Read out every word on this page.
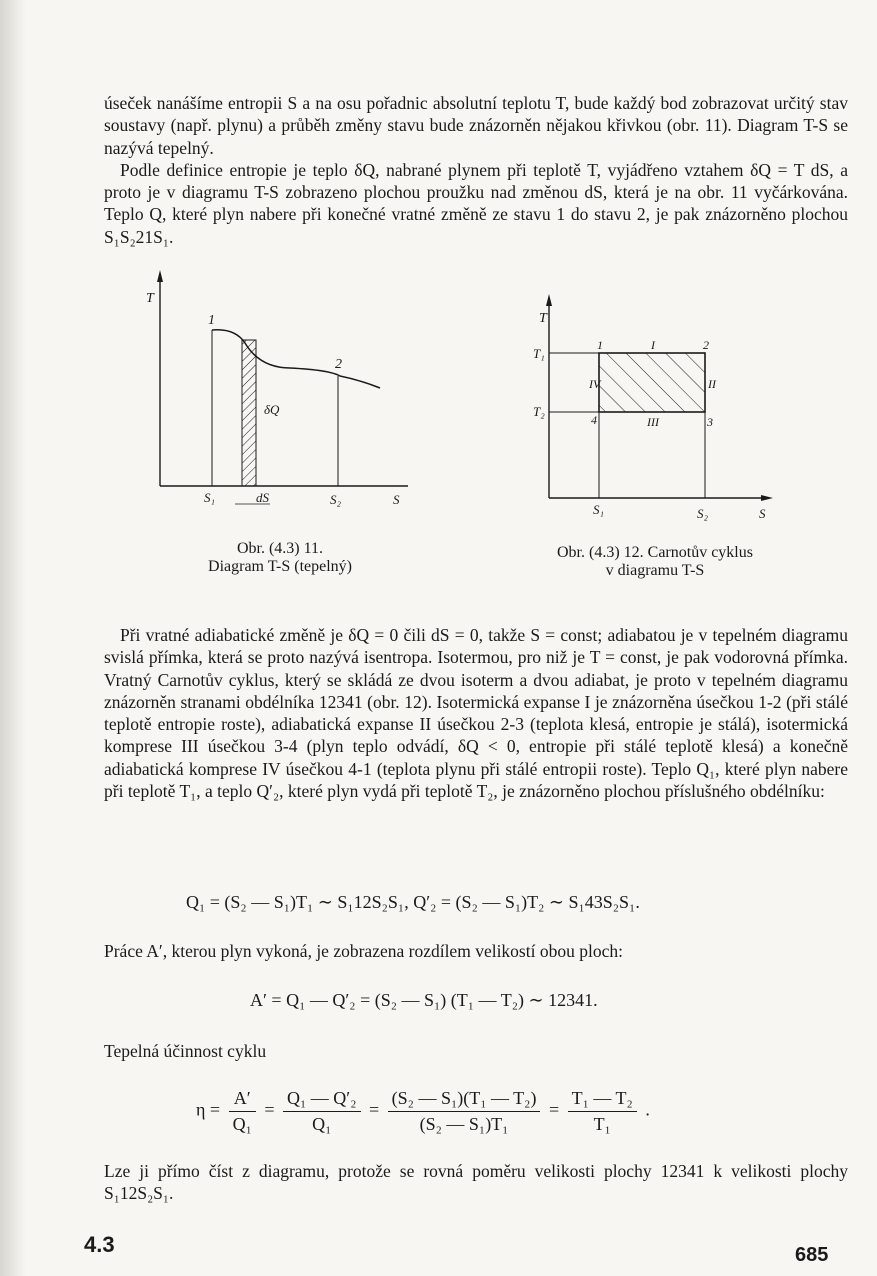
úseček nanášíme entropii S a na osu pořadnic absolutní teplotu T, bude každý bod zobrazovat určitý stav soustavy (např. plynu) a průběh změny stavu bude znázorněn nějakou křivkou (obr. 11). Diagram T-S se nazývá tepelný.

Podle definice entropie je teplo δQ, nabrané plynem při teplotě T, vyjádřeno vztahem δQ = T dS, a proto je v diagramu T-S zobrazeno plochou proužku nad změnou dS, která je na obr. 11 vyčárkována. Teplo Q, které plyn nabere při konečné vratné změně ze stavu 1 do stavu 2, je pak znázorněno plochou S₁S₂21S₁.

T
1
2
δQ
S₁	dS	S₂	S
Obr. (4.3) 11.
Diagram T-S (tepelný)
T
T₁
T₂
1	I	2
IV	II
4	III	3
S₁	S₂	S
Obr. (4.3) 12. Carnotův cyklus
v diagramu T-S
Při vratné adiabatické změně je δQ = 0 čili dS = 0, takže S = const; adiabatou je v tepelném diagramu svislá přímka, která se proto nazývá isentropa. Isotermou, pro niž je T = const, je pak vodorovná přímka. Vratný Carnotův cyklus, který se skládá ze dvou isoterm a dvou adiabat, je proto v tepelném diagramu znázorněn stranami obdélníka 12341 (obr. 12). Isotermická expanse I je znázorněna úsečkou 1-2 (při stálé teplotě entropie roste), adiabatická expanse II úsečkou 2-3 (teplota klesá, entropie je stálá), isotermická komprese III úsečkou 3-4 (plyn teplo odvádí, δQ < 0, entropie při stálé teplotě klesá) a konečně adiabatická komprese IV úsečkou 4-1 (teplota plynu při stálé entropii roste). Teplo Q₁, které plyn nabere při teplotě T₁, a teplo Q′₂, které plyn vydá při teplotě T₂, je znázorněno plochou příslušného obdélníku:
Q₁ = (S₂ — S₁)T₁ ∼ S₁12S₂S₁, Q′₂ = (S₂ — S₁)T₂ ∼ S₁43S₂S₁.
Práce A′, kterou plyn vykoná, je zobrazena rozdílem velikostí obou ploch:
A′ = Q₁ — Q′₂ = (S₂ — S₁) (T₁ — T₂) ∼ 12341.
Tepelná účinnost cyklu
$\eta = \frac{A'}{\text{Q₁}} = \frac{\text{Q₁ — Q′₂}}{\text{Q₁}} = \frac{\text{(S₂ — S₁)(T₁ — T₂)}}{\text{(S₂ — S₁)T₁}} = \frac{\text{T₁ — T₂}}{\text{T₁}}$ .
Lze ji přímo číst z diagramu, protože se rovná poměru velikosti plochy 12341 k velikosti plochy S₁12S₂S₁.
4.3	685
